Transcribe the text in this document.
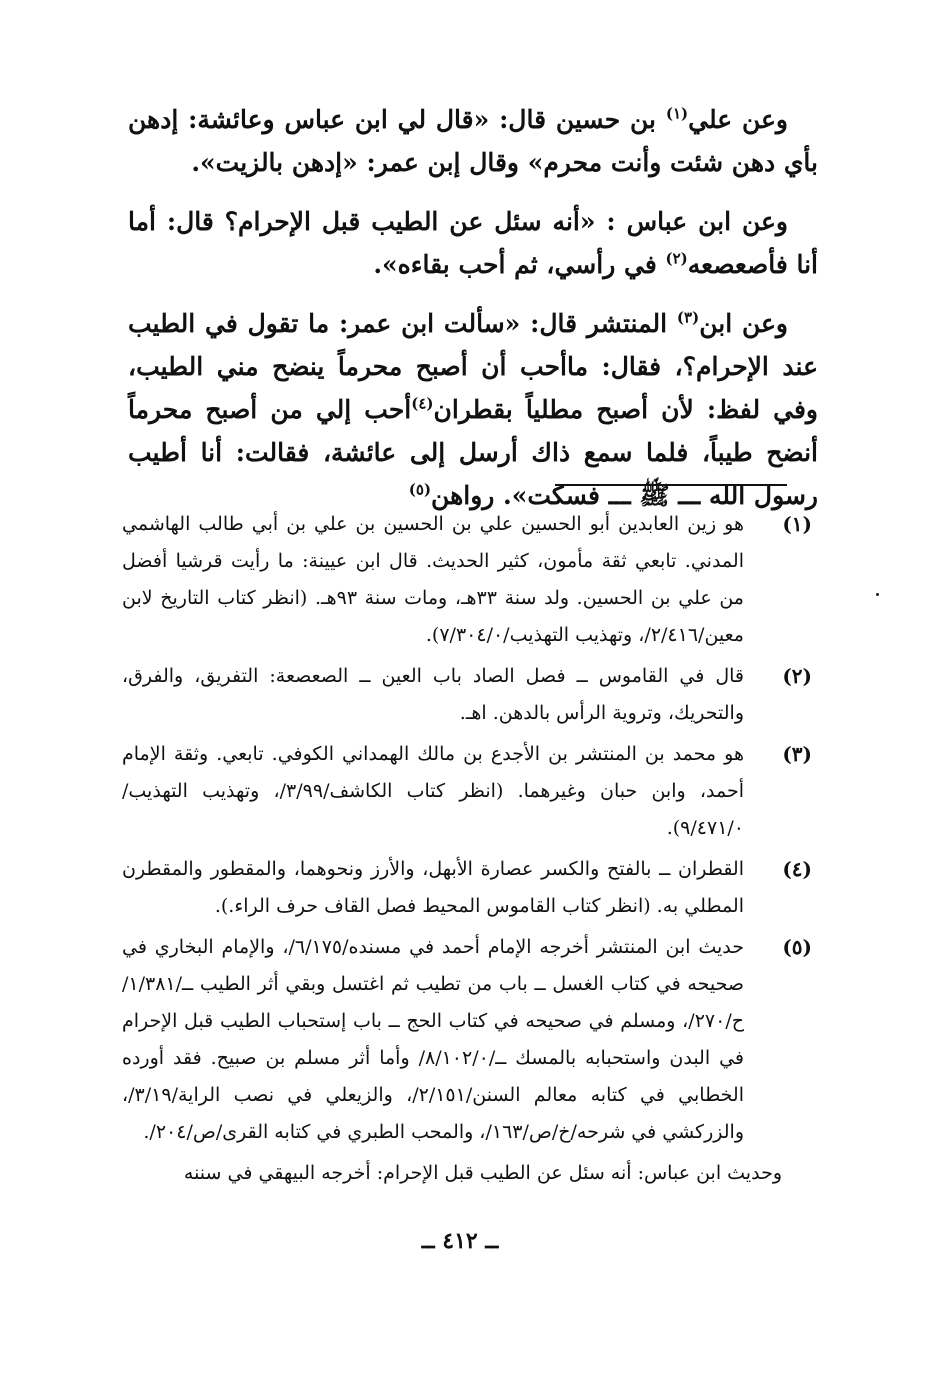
وعن علي$^{(١)}$ بن حسين قال: «قال لي ابن عباس وعائشة: إدهن بأي دهن شئت وأنت محرم» وقال إبن عمر: «إدهن بالزيت».

وعن ابن عباس : «أنه سئل عن الطيب قبل الإحرام؟ قال: أما أنا فأصعصعه$^{(٢)}$ في رأسي، ثم أحب بقاءه».

وعن ابن$^{(٣)}$ المنتشر قال: «سألت ابن عمر: ما تقول في الطيب عند الإحرام؟، فقال: ماأحب أن أصبح محرماً ينضح مني الطيب، وفي لفظ: لأن أصبح مطلياً بقطران$^{(٤)}$أحب إلي من أصبح محرماً أنضح طيباً، فلما سمع ذاك أرسل إلى عائشة، فقالت: أنا أطيب رسول الله ـــ ﷺ ـــ فسكت». رواهن$^{(٥)}$

(١)
هو زين العابدين أبو الحسين علي بن الحسين بن علي بن أبي طالب الهاشمي المدني. تابعي ثقة مأمون، كثير الحديث. قال ابن عيينة: ما رأيت قرشيا أفضل من علي بن الحسين. ولد سنة ٣٣هـ، ومات سنة ٩٣هـ. (انظر كتاب التاريخ لابن معين/٢/٤١٦/، وتهذيب التهذيب/٧/٣٠٤/٠).
(٢)
قال في القاموس ــ فصل الصاد باب العين ــ الصعصعة: التفريق، والفرق، والتحريك، وتروية الرأس بالدهن. اهـ.
(٣)
هو محمد بن المنتشر بن الأجدع بن مالك الهمداني الكوفي. تابعي. وثقة الإمام أحمد، وابن حبان وغيرهما. (انظر كتاب الكاشف/٣/٩٩/، وتهذيب التهذيب/٩/٤٧١/٠).
(٤)
القطران ــ بالفتح والكسر عصارة الأبهل، والأرز ونحوهما، والمقطور والمقطرن المطلي به. (انظر كتاب القاموس المحيط فصل القاف حرف الراء.).
(٥)
حديث ابن المنتشر أخرجه الإمام أحمد في مسنده/٦/١٧٥/، والإمام البخاري في صحيحه في كتاب الغسل ــ باب من تطيب ثم اغتسل وبقي أثر الطيب ــ/١/٣٨١/ح/٢٧٠/، ومسلم في صحيحه في كتاب الحج ــ باب إستحباب الطيب قبل الإحرام في البدن واستحبابه بالمسك ــ/٨/١٠٢/٠/ وأما أثر مسلم بن صبيح. فقد أورده الخطابي في كتابه معالم السنن/٢/١٥١/، والزيعلي في نصب الراية/٣/١٩/، والزركشي في شرحه/خ/ص/١٦٣/، والمحب الطبري في كتابه القرى/ص/٢٠٤/.

وحديث ابن عباس: أنه سئل عن الطيب قبل الإحرام: أخرجه البيهقي في سننه

ــ ٤١٢ ــ
